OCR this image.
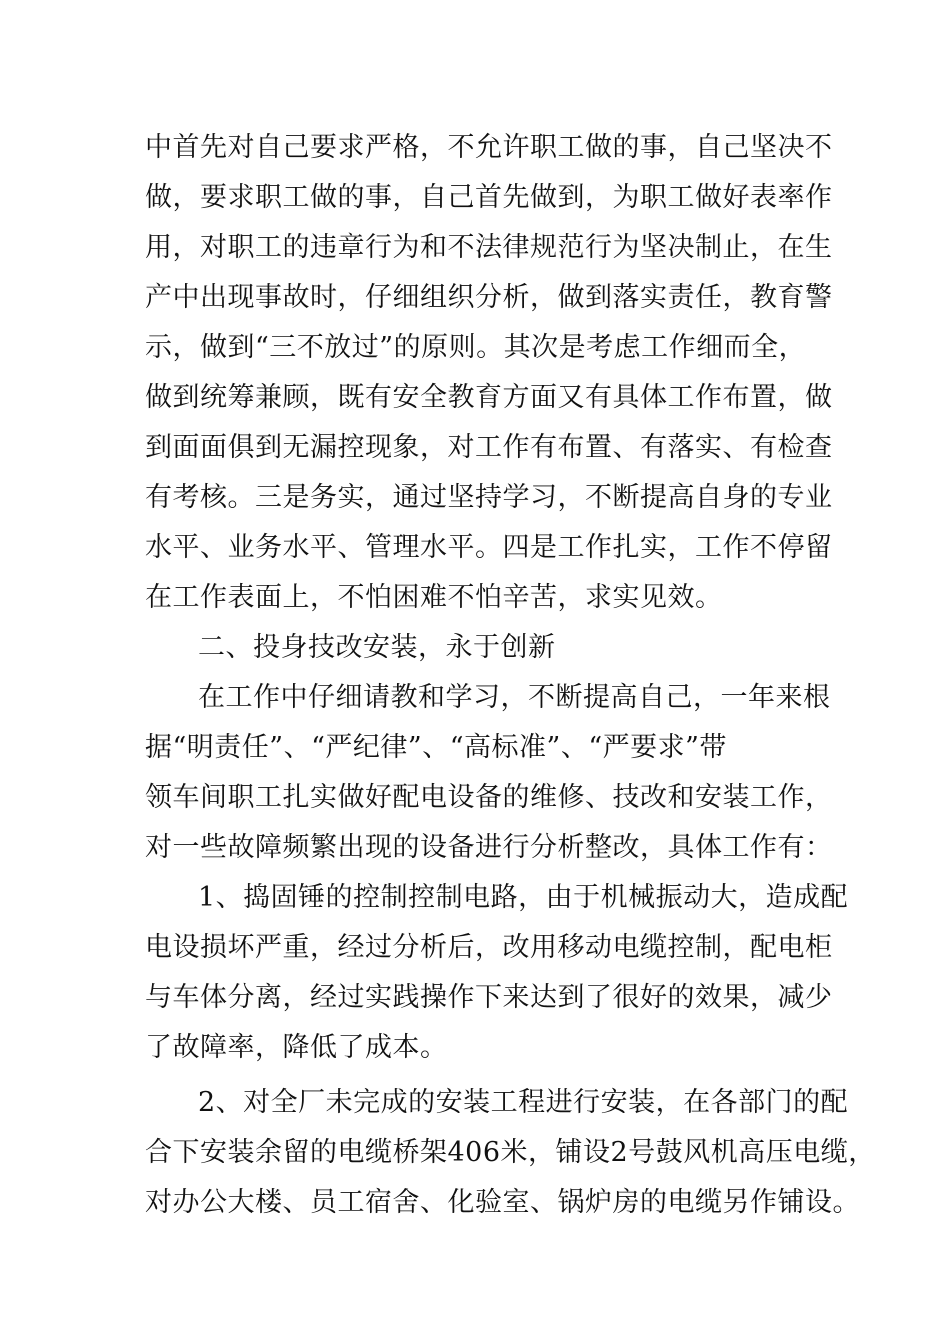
中首先对自己要求严格，不允许职工做的事，自己坚决不
做，要求职工做的事，自己首先做到，为职工做好表率作
用，对职工的违章行为和不法律规范行为坚决制止，在生
产中出现事故时，仔细组织分析，做到落实责任，教育警
示，做到“三不放过”的原则。其次是考虑工作细而全，
做到统筹兼顾，既有安全教育方面又有具体工作布置，做
到面面俱到无漏控现象，对工作有布置、有落实、有检查
有考核。三是务实，通过坚持学习，不断提高自身的专业
水平、业务水平、管理水平。四是工作扎实，工作不停留
在工作表面上，不怕困难不怕辛苦，求实见效。
二、投身技改安装，永于创新
在工作中仔细请教和学习，不断提高自己，一年来根
据“明责任”、“严纪律”、“高标准”、“严要求”带
领车间职工扎实做好配电设备的维修、技改和安装工作，
对一些故障频繁出现的设备进行分析整改，具体工作有：
1、捣固锤的控制控制电路，由于机械振动大，造成配
电设损坏严重，经过分析后，改用移动电缆控制，配电柜
与车体分离，经过实践操作下来达到了很好的效果，减少
了故障率，降低了成本。
2、对全厂未完成的安装工程进行安装，在各部门的配
合下安装余留的电缆桥架406米，铺设2号鼓风机高压电缆，
对办公大楼、员工宿舍、化验室、锅炉房的电缆另作铺设。
